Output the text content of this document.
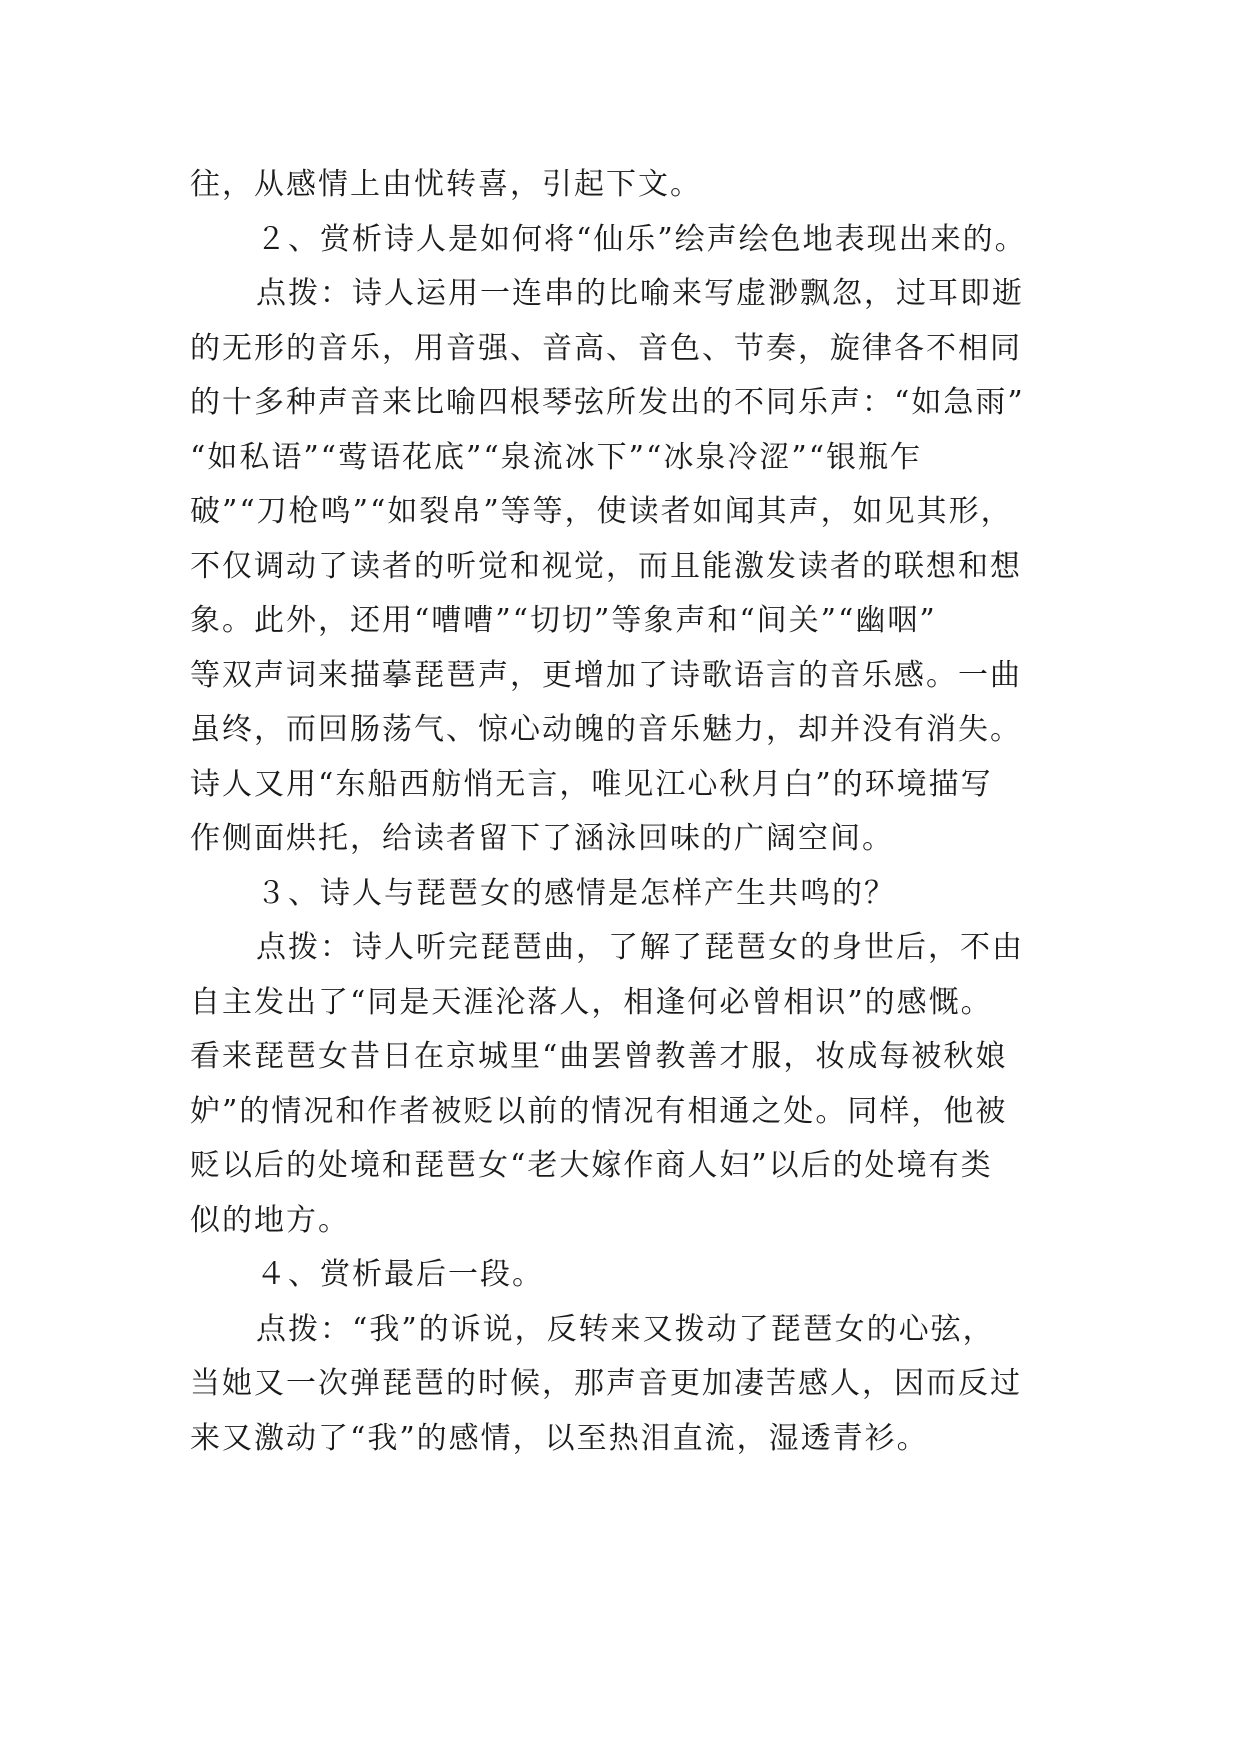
往，从感情上由忧转喜，引起下文。
２、赏析诗人是如何将“仙乐”绘声绘色地表现出来的。
点拨：诗人运用一连串的比喻来写虚渺飘忽，过耳即逝
的无形的音乐，用音强、音高、音色、节奏，旋律各不相同
的十多种声音来比喻四根琴弦所发出的不同乐声：“如急雨”
“如私语”“莺语花底”“泉流冰下”“冰泉冷涩”“银瓶乍
破”“刀枪鸣”“如裂帛”等等，使读者如闻其声，如见其形，
不仅调动了读者的听觉和视觉，而且能激发读者的联想和想
象。此外，还用“嘈嘈”“切切”等象声和“间关”“幽咽”
等双声词来描摹琵琶声，更增加了诗歌语言的音乐感。一曲
虽终，而回肠荡气、惊心动魄的音乐魅力，却并没有消失。
诗人又用“东船西舫悄无言，唯见江心秋月白”的环境描写
作侧面烘托，给读者留下了涵泳回味的广阔空间。
３、诗人与琵琶女的感情是怎样产生共鸣的？
点拨：诗人听完琵琶曲，了解了琵琶女的身世后，不由
自主发出了“同是天涯沦落人，相逢何必曾相识”的感慨。
看来琵琶女昔日在京城里“曲罢曾教善才服，妆成每被秋娘
妒”的情况和作者被贬以前的情况有相通之处。同样，他被
贬以后的处境和琵琶女“老大嫁作商人妇”以后的处境有类
似的地方。
４、赏析最后一段。
点拨：“我”的诉说，反转来又拨动了琵琶女的心弦，
当她又一次弹琵琶的时候，那声音更加凄苦感人，因而反过
来又激动了“我”的感情，以至热泪直流，湿透青衫。
